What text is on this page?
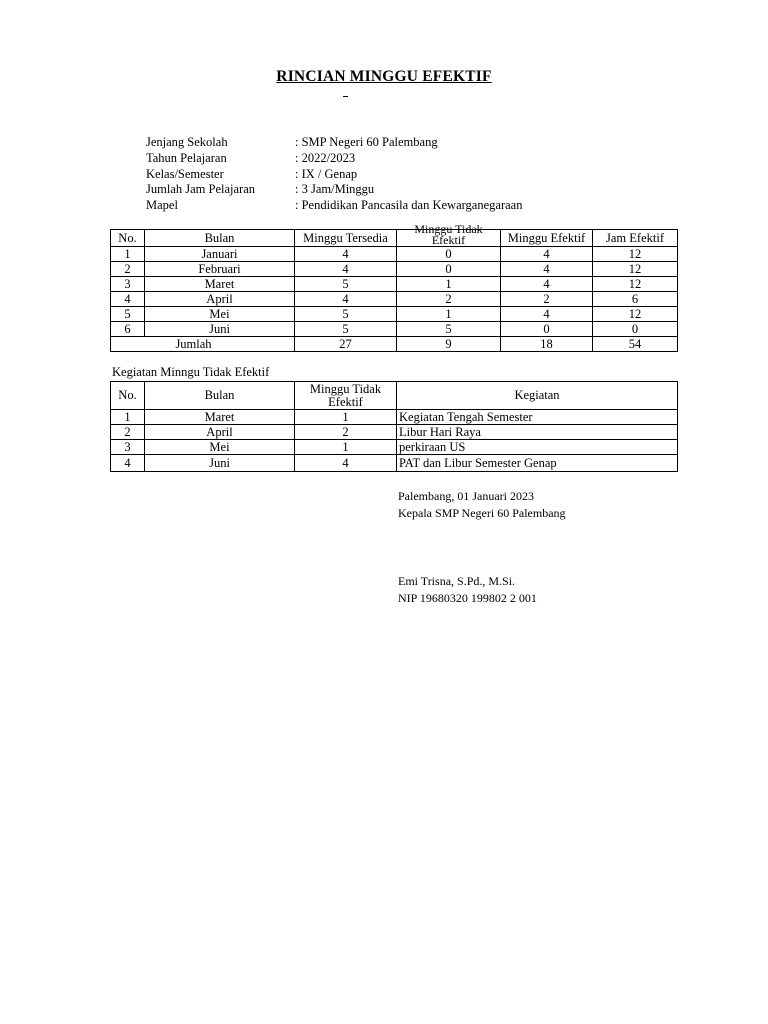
RINCIAN MINGGU EFEKTIF
Jenjang Sekolah	: SMP Negeri 60 Palembang
Tahun Pelajaran	: 2022/2023
Kelas/Semester	: IX / Genap
Jumlah Jam Pelajaran	: 3 Jam/Minggu
Mapel	: Pendidikan Pancasila dan Kewarganegaraan
No.	Bulan	Minggu Tersedia	Minggu Tidak Efektif	Minggu Efektif	Jam Efektif
1	Januari	4	0	4	12
2	Februari	4	0	4	12
3	Maret	5	1	4	12
4	April	4	2	2	6
5	Mei	5	1	4	12
6	Juni	5	5	0	0
Jumlah		27	9	18	54
Kegiatan Minngu Tidak Efektif
No.	Bulan	Minggu Tidak Efektif	Kegiatan
1	Maret	1	Kegiatan Tengah Semester
2	April	2	Libur Hari Raya
3	Mei	1	perkiraan US
4	Juni	4	PAT dan Libur Semester Genap
Palembang, 01 Januari 2023
Kepala SMP Negeri 60 Palembang
Emi Trisna, S.Pd., M.Si.
NIP 19680320 199802 2 001
